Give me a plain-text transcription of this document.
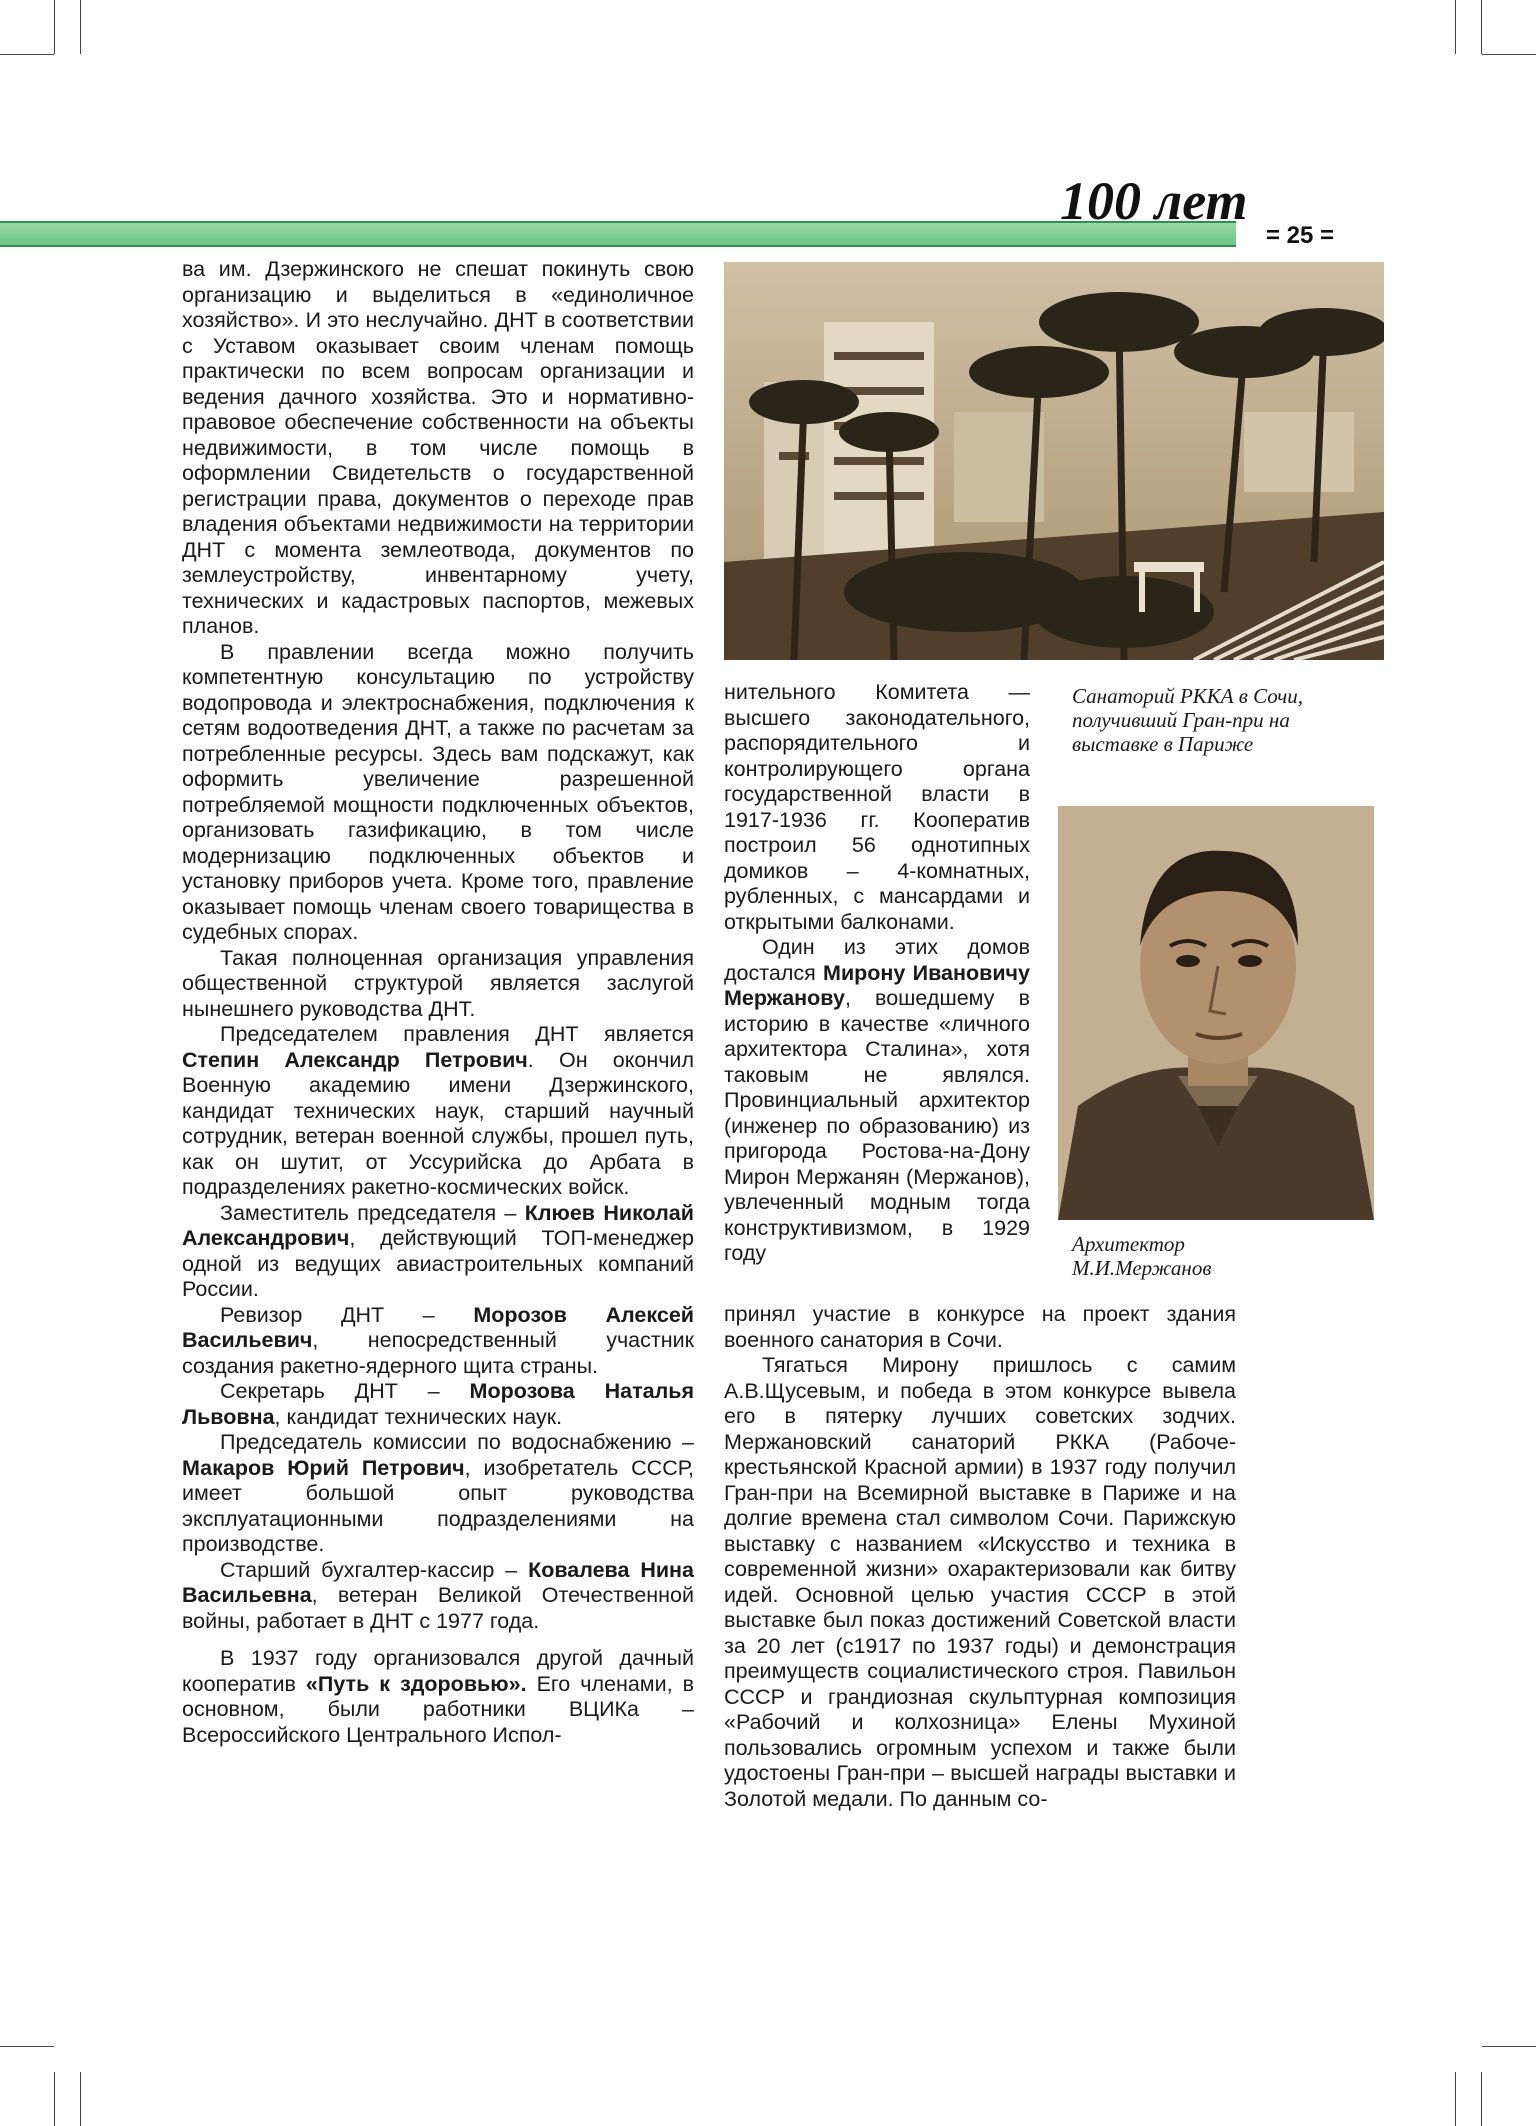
100 лет
= 25 =

ва им. Дзержинского не спешат покинуть свою организацию и выделиться в «единоличное хозяйство». И это неслучайно. ДНТ в соответствии с Уставом оказывает своим членам помощь практически по всем вопросам организации и ведения дачного хозяйства. Это и нормативно-правовое обеспечение собственности на объекты недвижимости, в том числе помощь в оформлении Свидетельств о государственной регистрации права, документов о переходе прав владения объектами недвижимости на территории ДНТ с момента землеотвода, документов по землеустройству, инвентарному учету, технических и кадастровых паспортов, межевых планов.

В правлении всегда можно получить компетентную консультацию по устройству водопровода и электроснабжения, подключения к сетям водоотведения ДНТ, а также по расчетам за потребленные ресурсы. Здесь вам подскажут, как оформить увеличение разрешенной потребляемой мощности подключенных объектов, организовать газификацию, в том числе модернизацию подключенных объектов и установку приборов учета. Кроме того, правление оказывает помощь членам своего товарищества в судебных спорах.

Такая полноценная организация управления общественной структурой является заслугой нынешнего руководства ДНТ.

Председателем правления ДНТ является Степин Александр Петрович. Он окончил Военную академию имени Дзержинского, кандидат технических наук, старший научный сотрудник, ветеран военной службы, прошел путь, как он шутит, от Уссурийска до Арбата в подразделениях ракетно-космических войск.

Заместитель председателя – Клюев Николай Александрович, действующий ТОП-менеджер одной из ведущих авиастроительных компаний России.

Ревизор ДНТ – Морозов Алексей Васильевич, непосредственный участник создания ракетно-ядерного щита страны.

Секретарь ДНТ – Морозова Наталья Львовна, кандидат технических наук.

Председатель комиссии по водоснабжению – Макаров Юрий Петрович, изобретатель СССР, имеет большой опыт руководства эксплуатационными подразделениями на производстве.

Старший бухгалтер-кассир – Ковалева Нина Васильевна, ветеран Великой Отечественной войны, работает в ДНТ с 1977 года.

В 1937 году организовался другой дачный кооператив «Путь к здоровью». Его членами, в основном, были работники ВЦИКа – Всероссийского Центрального Испол-

нительного Комитета — высшего законодательного, распорядительного и контролирующего органа государственной власти в 1917-1936 гг. Кооператив построил 56 однотипных домиков – 4-комнатных, рубленных, с мансардами и открытыми балконами.

Один из этих домов достался Мирону Ивановичу Мержанову, вошедшему в историю в качестве «личного архитектора Сталина», хотя таковым не являлся. Провинциальный архитектор (инженер по образованию) из пригорода Ростова-на-Дону Мирон Мержанян (Мержанов), увлеченный модным тогда конструктивизмом, в 1929 году

Санаторий РККА в Сочи, получивший Гран-при на выставке в Париже
Архитектор М.И.Мержанов

принял участие в конкурсе на проект здания военного санатория в Сочи.

Тягаться Мирону пришлось с самим А.В.Щусевым, и победа в этом конкурсе вывела его в пятерку лучших советских зодчих. Мержановский санаторий РККА (Рабоче-крестьянской Красной армии) в 1937 году получил Гран-при на Всемирной выставке в Париже и на долгие времена стал символом Сочи. Парижскую выставку с названием «Искусство и техника в современной жизни» охарактеризовали как битву идей. Основной целью участия СССР в этой выставке был показ достижений Советской власти за 20 лет (с1917 по 1937 годы) и демонстрация преимуществ социалистического строя. Павильон СССР и грандиозная скульптурная композиция «Рабочий и колхозница» Елены Мухиной пользовались огромным успехом и также были удостоены Гран-при – высшей награды выставки и Золотой медали. По данным со-
